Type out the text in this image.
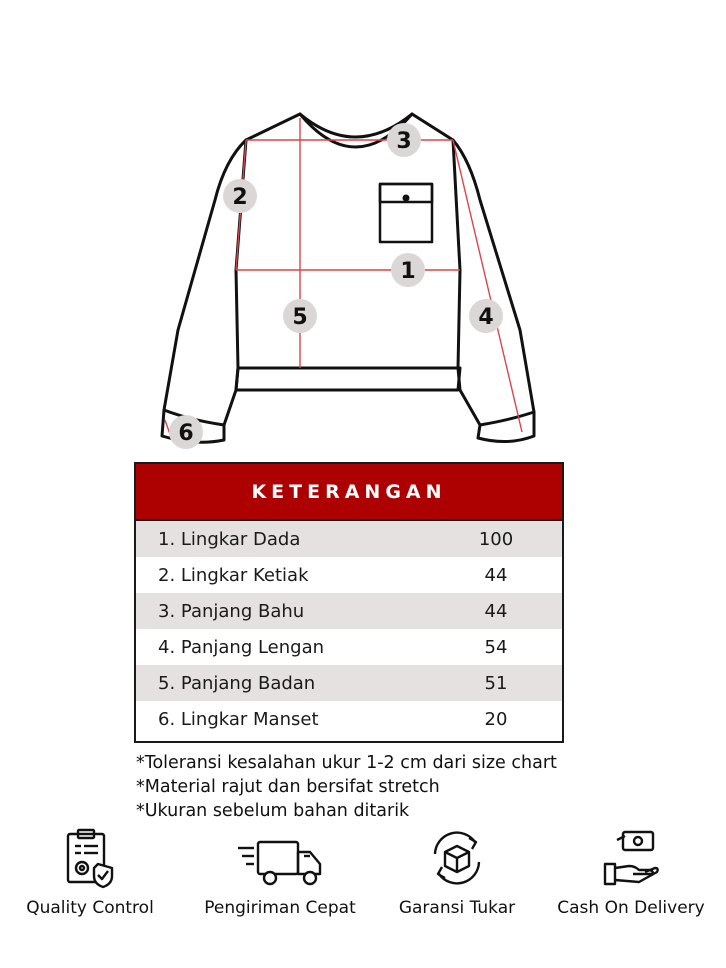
1
2
3
4
5
6
KETERANGAN
1. Lingkar Dada	100
2. Lingkar Ketiak	44
3. Panjang Bahu	44
4. Panjang Lengan	54
5. Panjang Badan	51
6. Lingkar Manset	20
*Toleransi kesalahan ukur 1-2 cm dari size chart
*Material rajut dan bersifat stretch
*Ukuran sebelum bahan ditarik
Quality Control	Pengiriman Cepat	Garansi Tukar	Cash On Delivery
